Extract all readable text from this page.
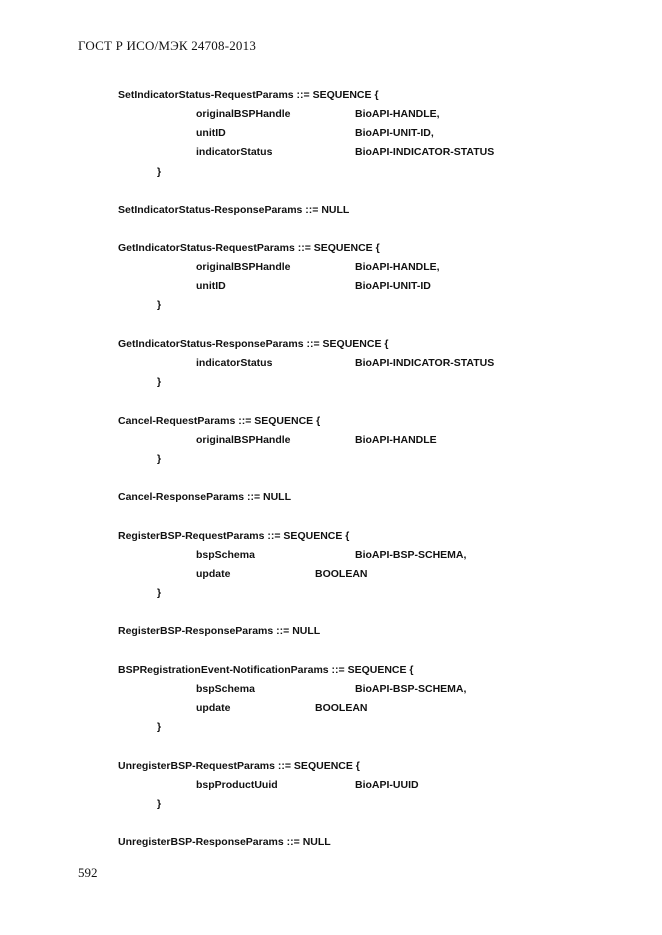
ГОСТ Р ИСО/МЭК 24708-2013
SetIndicatorStatus-RequestParams ::= SEQUENCE {
originalBSPHandle	BioAPI-HANDLE,
unitID	BioAPI-UNIT-ID,
indicatorStatus	BioAPI-INDICATOR-STATUS
}
SetIndicatorStatus-ResponseParams ::= NULL
GetIndicatorStatus-RequestParams ::= SEQUENCE {
originalBSPHandle	BioAPI-HANDLE,
unitID	BioAPI-UNIT-ID
}
GetIndicatorStatus-ResponseParams ::= SEQUENCE {
indicatorStatus	BioAPI-INDICATOR-STATUS
}
Cancel-RequestParams ::= SEQUENCE {
originalBSPHandle	BioAPI-HANDLE
}
Cancel-ResponseParams ::= NULL
RegisterBSP-RequestParams ::= SEQUENCE {
bspSchema	BioAPI-BSP-SCHEMA,
update	BOOLEAN
}
RegisterBSP-ResponseParams ::= NULL
BSPRegistrationEvent-NotificationParams ::= SEQUENCE {
bspSchema	BioAPI-BSP-SCHEMA,
update	BOOLEAN
}
UnregisterBSP-RequestParams ::= SEQUENCE {
bspProductUuid	BioAPI-UUID
}
UnregisterBSP-ResponseParams ::= NULL
592
